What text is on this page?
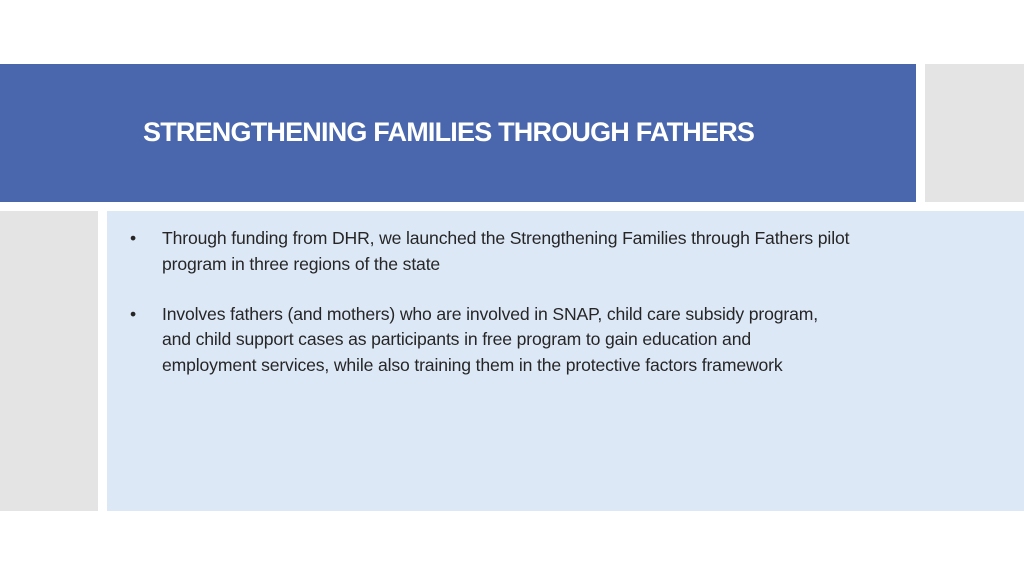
STRENGTHENING FAMILIES THROUGH FATHERS
• Through funding from DHR, we launched the Strengthening Families through Fathers pilot program in three regions of the state
• Involves fathers (and mothers) who are involved in SNAP, child care subsidy program, and child support cases as participants in free program to gain education and employment services, while also training them in the protective factors framework
